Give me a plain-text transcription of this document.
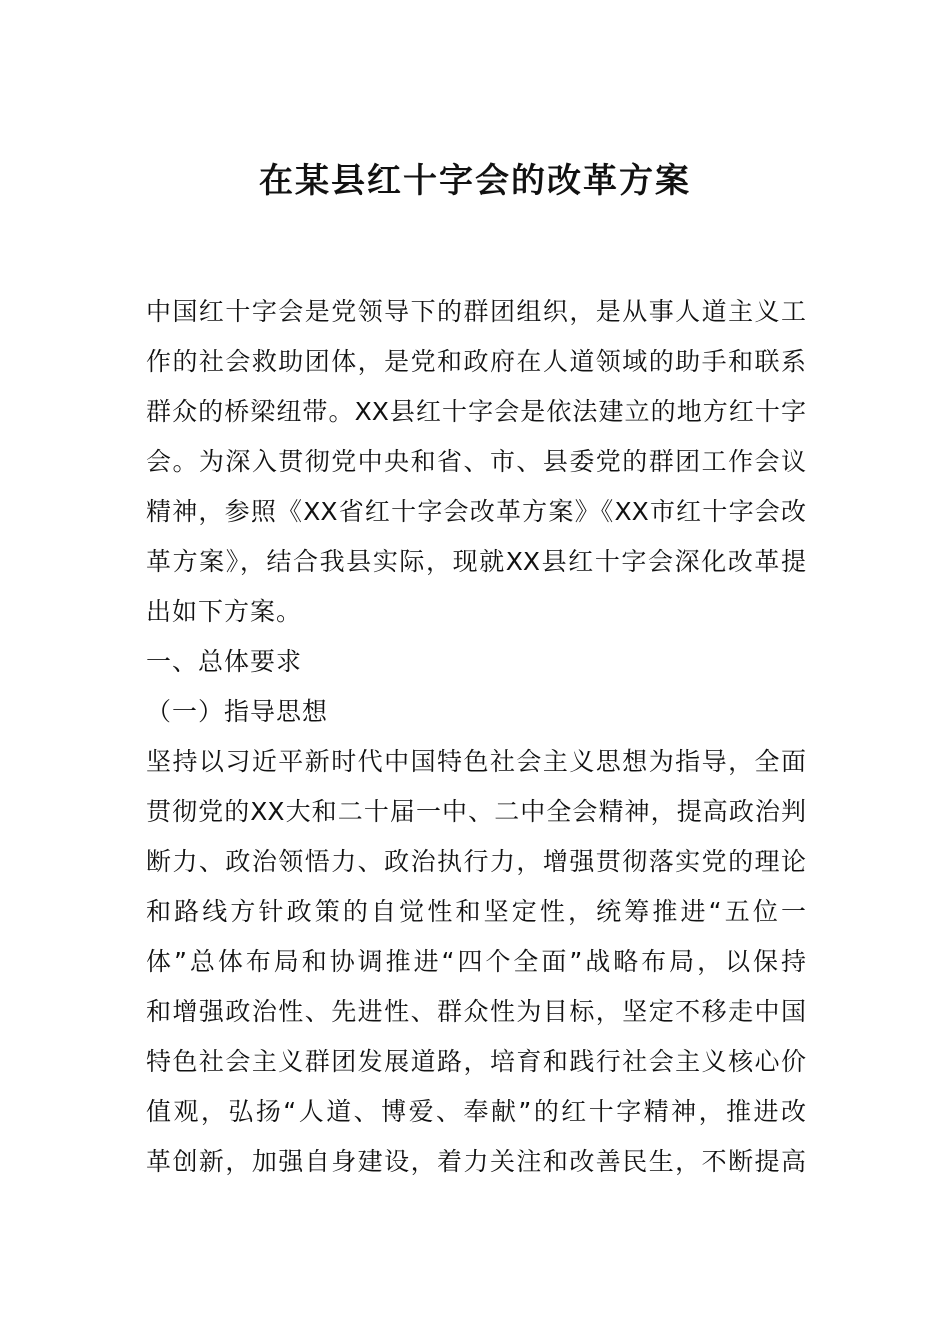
在某县红十字会的改革方案
中国红十字会是党领导下的群团组织，是从事人道主义工
作的社会救助团体，是党和政府在人道领域的助手和联系
群众的桥梁纽带。XX县红十字会是依法建立的地方红十字
会。为深入贯彻党中央和省、市、县委党的群团工作会议
精神，参照《XX省红十字会改革方案》《XX市红十字会改
革方案》，结合我县实际，现就XX县红十字会深化改革提
出如下方案。
一、总体要求
（一）指导思想
坚持以习近平新时代中国特色社会主义思想为指导，全面
贯彻党的XX大和二十届一中、二中全会精神，提高政治判
断力、政治领悟力、政治执行力，增强贯彻落实党的理论
和路线方针政策的自觉性和坚定性，统筹推进“五位一
体”总体布局和协调推进“四个全面”战略布局，以保持
和增强政治性、先进性、群众性为目标，坚定不移走中国
特色社会主义群团发展道路，培育和践行社会主义核心价
值观，弘扬“人道、博爱、奉献”的红十字精神，推进改
革创新，加强自身建设，着力关注和改善民生，不断提高
